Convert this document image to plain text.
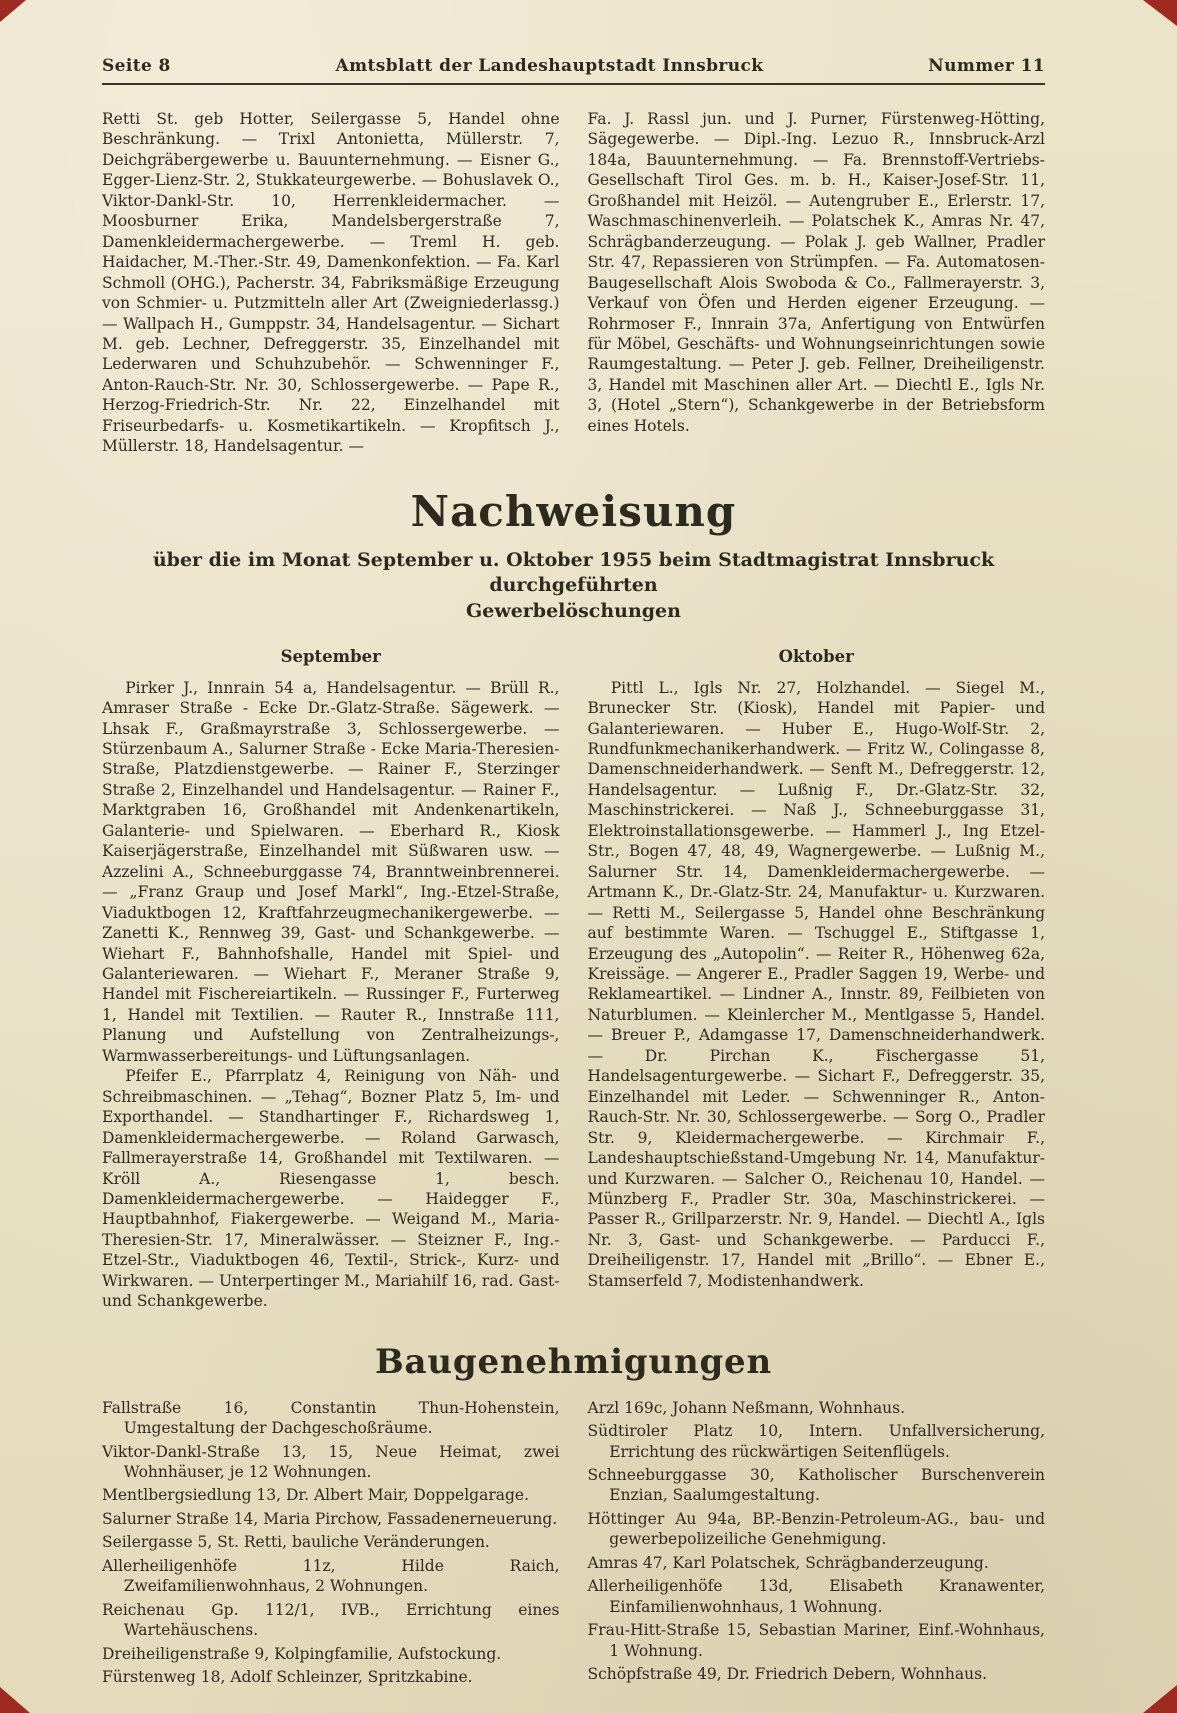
Seite 8	Amtsblatt der Landeshauptstadt Innsbruck	Nummer 11

Retti St. geb Hotter, Seilergasse 5, Handel ohne Beschränkung. — Trixl Antonietta, Müllerstr. 7, Deichgräbergewerbe u. Bauunternehmung. — Eisner G., Egger-Lienz-Str. 2, Stukkateurgewerbe. — Bohuslavek O., Viktor-Dankl-Str. 10, Herrenkleidermacher. — Moosburner Erika, Mandelsbergerstraße 7, Damenkleidermachergewerbe. — Treml H. geb. Haidacher, M.-Ther.-Str. 49, Damenkonfektion. — Fa. Karl Schmoll (OHG.), Pacherstr. 34, Fabriksmäßige Erzeugung von Schmier- u. Putzmitteln aller Art (Zweigniederlassg.) — Wallpach H., Gumppstr. 34, Handelsagentur. — Sichart M. geb. Lechner, Defreggerstr. 35, Einzelhandel mit Lederwaren und Schuhzubehör. — Schwenninger F., Anton-Rauch-Str. Nr. 30, Schlossergewerbe. — Pape R., Herzog-Friedrich-Str. Nr. 22, Einzelhandel mit Friseurbedarfs- u. Kosmetikartikeln. — Kropfitsch J., Müllerstr. 18, Handelsagentur. —

Fa. J. Rassl jun. und J. Purner, Fürstenweg-Hötting, Sägegewerbe. — Dipl.-Ing. Lezuo R., Innsbruck-Arzl 184a, Bauunternehmung. — Fa. Brennstoff-Vertriebs-Gesellschaft Tirol Ges. m. b. H., Kaiser-Josef-Str. 11, Großhandel mit Heizöl. — Autengruber E., Erlerstr. 17, Waschmaschinenverleih. — Polatschek K., Amras Nr. 47, Schrägbanderzeugung. — Polak J. geb Wallner, Pradler Str. 47, Repassieren von Strümpfen. — Fa. Automatosen-Baugesellschaft Alois Swoboda & Co., Fallmerayerstr. 3, Verkauf von Öfen und Herden eigener Erzeugung. — Rohrmoser F., Innrain 37a, Anfertigung von Entwürfen für Möbel, Geschäfts- und Wohnungseinrichtungen sowie Raumgestaltung. — Peter J. geb. Fellner, Dreiheiligenstr. 3, Handel mit Maschinen aller Art. — Diechtl E., Igls Nr. 3, (Hotel „Stern“), Schankgewerbe in der Betriebsform eines Hotels.

Nachweisung

über die im Monat September u. Oktober 1955 beim Stadtmagistrat Innsbruck durchgeführten

Gewerbelöschungen

September

Pirker J., Innrain 54 a, Handelsagentur. — Brüll R., Amraser Straße - Ecke Dr.-Glatz-Straße. Sägewerk. — Lhsak F., Graßmayrstraße 3, Schlossergewerbe. — Stürzenbaum A., Salurner Straße - Ecke Maria-Theresien-Straße, Platzdienstgewerbe. — Rainer F., Sterzinger Straße 2, Einzelhandel und Handelsagentur. — Rainer F., Marktgraben 16, Großhandel mit Andenkenartikeln, Galanterie- und Spielwaren. — Eberhard R., Kiosk Kaiserjägerstraße, Einzelhandel mit Süßwaren usw. — Azzelini A., Schneeburggasse 74, Branntweinbrennerei. — „Franz Graup und Josef Markl“, Ing.-Etzel-Straße, Viaduktbogen 12, Kraftfahrzeugmechanikergewerbe. — Zanetti K., Rennweg 39, Gast- und Schankgewerbe. — Wiehart F., Bahnhofshalle, Handel mit Spiel- und Galanteriewaren. — Wiehart F., Meraner Straße 9, Handel mit Fischereiartikeln. — Russinger F., Furterweg 1, Handel mit Textilien. — Rauter R., Innstraße 111, Planung und Aufstellung von Zentralheizungs-, Warmwasserbereitungs- und Lüftungsanlagen.

Pfeifer E., Pfarrplatz 4, Reinigung von Näh- und Schreibmaschinen. — „Tehag“, Bozner Platz 5, Im- und Exporthandel. — Standhartinger F., Richardsweg 1, Damenkleidermachergewerbe. — Roland Garwasch, Fallmerayerstraße 14, Großhandel mit Textilwaren. — Kröll A., Riesengasse 1, besch. Damenkleidermachergewerbe. — Haidegger F., Hauptbahnhof, Fiakergewerbe. — Weigand M., Maria-Theresien-Str. 17, Mineralwässer. — Steizner F., Ing.-Etzel-Str., Viaduktbogen 46, Textil-, Strick-, Kurz- und Wirkwaren. — Unterpertinger M., Mariahilf 16, rad. Gast- und Schankgewerbe.

Oktober

Pittl L., Igls Nr. 27, Holzhandel. — Siegel M., Brunecker Str. (Kiosk), Handel mit Papier- und Galanteriewaren. — Huber E., Hugo-Wolf-Str. 2, Rundfunkmechanikerhandwerk. — Fritz W., Colingasse 8, Damenschneiderhandwerk. — Senft M., Defreggerstr. 12, Handelsagentur. — Lußnig F., Dr.-Glatz-Str. 32, Maschinstrickerei. — Naß J., Schneeburggasse 31, Elektroinstallationsgewerbe. — Hammerl J., Ing Etzel-Str., Bogen 47, 48, 49, Wagnergewerbe. — Lußnig M., Salurner Str. 14, Damenkleidermachergewerbe. — Artmann K., Dr.-Glatz-Str. 24, Manufaktur- u. Kurzwaren. — Retti M., Seilergasse 5, Handel ohne Beschränkung auf bestimmte Waren. — Tschuggel E., Stiftgasse 1, Erzeugung des „Autopolin“. — Reiter R., Höhenweg 62a, Kreissäge. — Angerer E., Pradler Saggen 19, Werbe- und Reklameartikel. — Lindner A., Innstr. 89, Feilbieten von Naturblumen. — Kleinlercher M., Mentlgasse 5, Handel. — Breuer P., Adamgasse 17, Damenschneiderhandwerk. — Dr. Pirchan K., Fischergasse 51, Handelsagenturgewerbe. — Sichart F., Defreggerstr. 35, Einzelhandel mit Leder. — Schwenninger R., Anton-Rauch-Str. Nr. 30, Schlossergewerbe. — Sorg O., Pradler Str. 9, Kleidermachergewerbe. — Kirchmair F., Landeshauptschießstand-Umgebung Nr. 14, Manufaktur- und Kurzwaren. — Salcher O., Reichenau 10, Handel. — Münzberg F., Pradler Str. 30a, Maschinstrickerei. — Passer R., Grillparzerstr. Nr. 9, Handel. — Diechtl A., Igls Nr. 3, Gast- und Schankgewerbe. — Parducci F., Dreiheiligenstr. 17, Handel mit „Brillo“. — Ebner E., Stamserfeld 7, Modistenhandwerk.

Baugenehmigungen

Fallstraße 16, Constantin Thun-Hohenstein, Umgestaltung der Dachgeschoßräume.

Viktor-Dankl-Straße 13, 15, Neue Heimat, zwei Wohnhäuser, je 12 Wohnungen.

Mentlbergsiedlung 13, Dr. Albert Mair, Doppelgarage.

Salurner Straße 14, Maria Pirchow, Fassadenerneuerung.

Seilergasse 5, St. Retti, bauliche Veränderungen.

Allerheiligenhöfe 11z, Hilde Raich, Zweifamilienwohnhaus, 2 Wohnungen.

Reichenau Gp. 112/1, IVB., Errichtung eines Wartehäuschens.

Dreiheiligenstraße 9, Kolpingfamilie, Aufstockung.

Fürstenweg 18, Adolf Schleinzer, Spritzkabine.

Arzl 169c, Johann Neßmann, Wohnhaus.

Südtiroler Platz 10, Intern. Unfallversicherung, Errichtung des rückwärtigen Seitenflügels.

Schneeburggasse 30, Katholischer Burschenverein Enzian, Saalumgestaltung.

Höttinger Au 94a, BP.-Benzin-Petroleum-AG., bau- und gewerbepolizeiliche Genehmigung.

Amras 47, Karl Polatschek, Schrägbanderzeugung.

Allerheiligenhöfe 13d, Elisabeth Kranawenter, Einfamilienwohnhaus, 1 Wohnung.

Frau-Hitt-Straße 15, Sebastian Mariner, Einf.-Wohnhaus, 1 Wohnung.

Schöpfstraße 49, Dr. Friedrich Debern, Wohnhaus.
